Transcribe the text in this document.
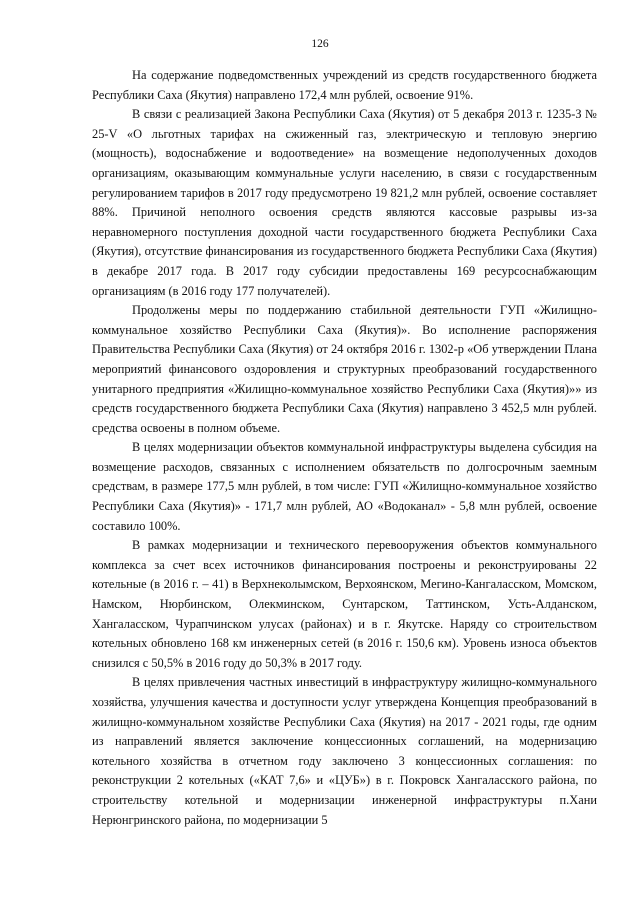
126

На содержание подведомственных учреждений из средств государственного бюджета Республики Саха (Якутия) направлено 172,4 млн рублей, освоение 91%.

В связи с реализацией Закона Республики Саха (Якутия) от 5 декабря 2013 г. 1235-З № 25-V «О льготных тарифах на сжиженный газ, электрическую и тепловую энергию (мощность), водоснабжение и водоотведение» на возмещение недополученных доходов организациям, оказывающим коммунальные услуги населению, в связи с государственным регулированием тарифов в 2017 году предусмотрено 19 821,2 млн рублей, освоение составляет 88%. Причиной неполного освоения средств являются кассовые разрывы из-за неравномерного поступления доходной части государственного бюджета Республики Саха (Якутия), отсутствие финансирования из государственного бюджета Республики Саха (Якутия) в декабре 2017 года. В 2017 году субсидии предоставлены 169 ресурсоснабжающим организациям (в 2016 году 177 получателей).

Продолжены меры по поддержанию стабильной деятельности ГУП «Жилищно-коммунальное хозяйство Республики Саха (Якутия)». Во исполнение распоряжения Правительства Республики Саха (Якутия) от 24 октября 2016 г. 1302-р «Об утверждении Плана мероприятий финансового оздоровления и структурных преобразований государственного унитарного предприятия «Жилищно-коммунальное хозяйство Республики Саха (Якутия)»» из средств государственного бюджета Республики Саха (Якутия) направлено 3 452,5 млн рублей. средства освоены в полном объеме.

В целях модернизации объектов коммунальной инфраструктуры выделена субсидия на возмещение расходов, связанных с исполнением обязательств по долгосрочным заемным средствам, в размере 177,5 млн рублей, в том числе: ГУП «Жилищно-коммунальное хозяйство Республики Саха (Якутия)» - 171,7 млн рублей, АО «Водоканал» - 5,8 млн рублей, освоение составило 100%.

В рамках модернизации и технического перевооружения объектов коммунального комплекса за счет всех источников финансирования построены и реконструированы 22 котельные (в 2016 г. – 41) в Верхнеколымском, Верхоянском, Мегино-Кангаласском, Момском, Намском, Нюрбинском, Олекминском, Сунтарском, Таттинском, Усть-Алданском, Хангаласском, Чурапчинском улусах (районах) и в г. Якутске. Наряду со строительством котельных обновлено 168 км инженерных сетей (в 2016 г. 150,6 км). Уровень износа объектов снизился с 50,5% в 2016 году до 50,3% в 2017 году.

В целях привлечения частных инвестиций в инфраструктуру жилищно-коммунального хозяйства, улучшения качества и доступности услуг утверждена Концепция преобразований в жилищно-коммунальном хозяйстве Республики Саха (Якутия) на 2017 - 2021 годы, где одним из направлений является заключение концессионных соглашений, на модернизацию котельного хозяйства в отчетном году заключено 3 концессионных соглашения: по реконструкции 2 котельных («КАТ 7,6» и «ЦУБ») в г. Покровск Хангаласского района, по строительству котельной и модернизации инженерной инфраструктуры п.Хани Нерюнгринского района, по модернизации 5
